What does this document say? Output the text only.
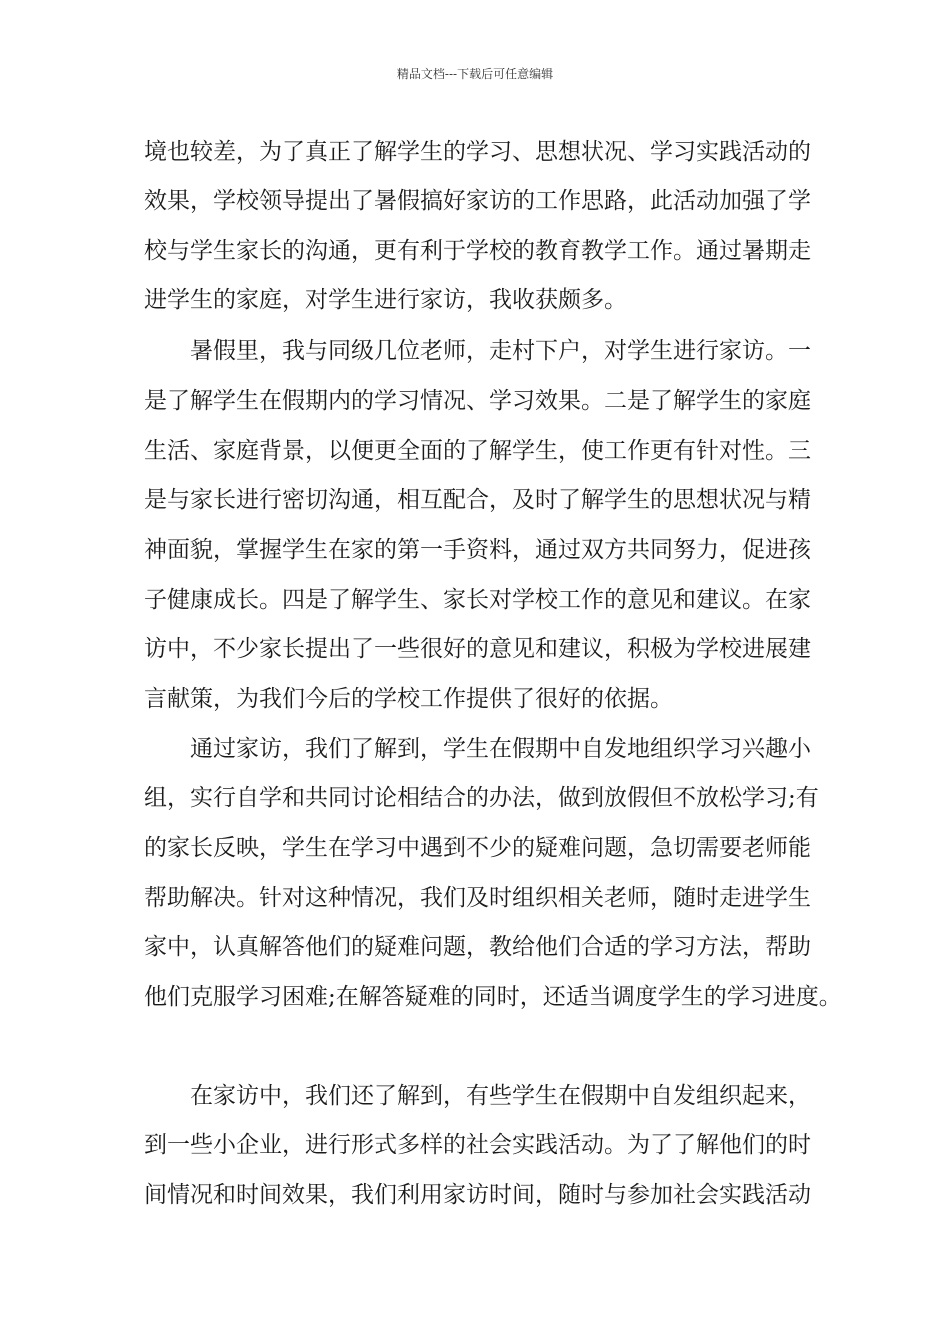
精品文档---下载后可任意编辑
境也较差，为了真正了解学生的学习、思想状况、学习实践活动的
效果，学校领导提出了暑假搞好家访的工作思路，此活动加强了学
校与学生家长的沟通，更有利于学校的教育教学工作。通过暑期走
进学生的家庭，对学生进行家访，我收获颇多。
暑假里，我与同级几位老师，走村下户，对学生进行家访。一
是了解学生在假期内的学习情况、学习效果。二是了解学生的家庭
生活、家庭背景，以便更全面的了解学生，使工作更有针对性。三
是与家长进行密切沟通，相互配合，及时了解学生的思想状况与精
神面貌，掌握学生在家的第一手资料，通过双方共同努力，促进孩
子健康成长。四是了解学生、家长对学校工作的意见和建议。在家
访中，不少家长提出了一些很好的意见和建议，积极为学校进展建
言献策，为我们今后的学校工作提供了很好的依据。
通过家访，我们了解到，学生在假期中自发地组织学习兴趣小
组，实行自学和共同讨论相结合的办法，做到放假但不放松学习;有
的家长反映，学生在学习中遇到不少的疑难问题，急切需要老师能
帮助解决。针对这种情况，我们及时组织相关老师，随时走进学生
家中，认真解答他们的疑难问题，教给他们合适的学习方法，帮助
他们克服学习困难;在解答疑难的同时，还适当调度学生的学习进度。
在家访中，我们还了解到，有些学生在假期中自发组织起来，
到一些小企业，进行形式多样的社会实践活动。为了了解他们的时
间情况和时间效果，我们利用家访时间，随时与参加社会实践活动
